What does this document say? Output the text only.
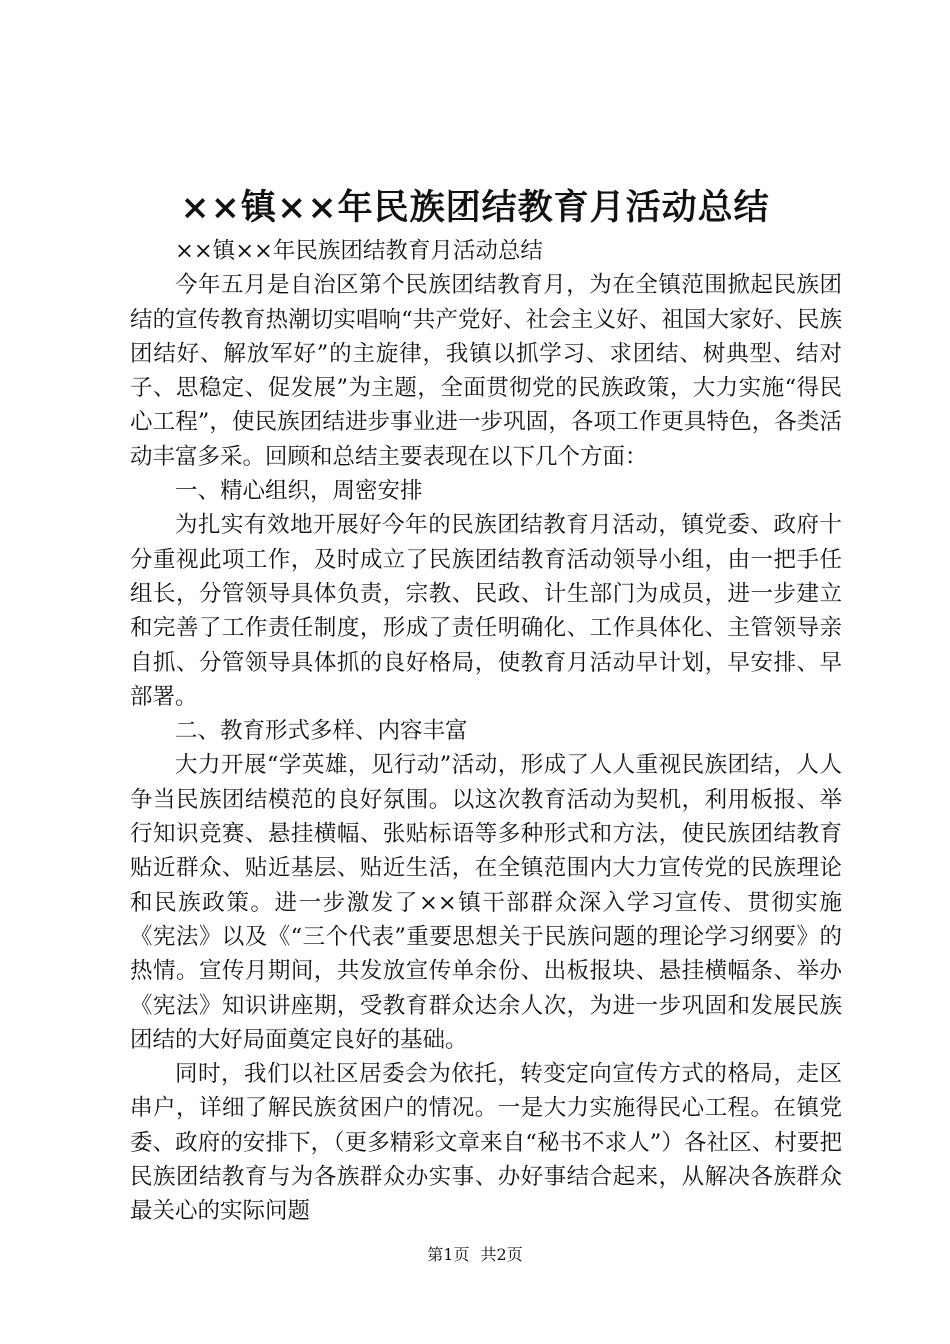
××镇××年民族团结教育月活动总结

××镇××年民族团结教育月活动总结

今年五月是自治区第个民族团结教育月，为在全镇范围掀起民族团结的宣传教育热潮切实唱响“共产党好、社会主义好、祖国大家好、民族团结好、解放军好”的主旋律，我镇以抓学习、求团结、树典型、结对子、思稳定、促发展”为主题，全面贯彻党的民族政策，大力实施“得民心工程”，使民族团结进步事业进一步巩固，各项工作更具特色，各类活动丰富多采。回顾和总结主要表现在以下几个方面：

一、精心组织，周密安排

为扎实有效地开展好今年的民族团结教育月活动，镇党委、政府十分重视此项工作，及时成立了民族团结教育活动领导小组，由一把手任组长，分管领导具体负责，宗教、民政、计生部门为成员，进一步建立和完善了工作责任制度，形成了责任明确化、工作具体化、主管领导亲自抓、分管领导具体抓的良好格局，使教育月活动早计划，早安排、早部署。

二、教育形式多样、内容丰富

大力开展“学英雄，见行动”活动，形成了人人重视民族团结，人人争当民族团结模范的良好氛围。以这次教育活动为契机，利用板报、举行知识竞赛、悬挂横幅、张贴标语等多种形式和方法，使民族团结教育贴近群众、贴近基层、贴近生活，在全镇范围内大力宣传党的民族理论和民族政策。进一步激发了××镇干部群众深入学习宣传、贯彻实施《宪法》以及《“三个代表”重要思想关于民族问题的理论学习纲要》的热情。宣传月期间，共发放宣传单余份、出板报块、悬挂横幅条、举办《宪法》知识讲座期，受教育群众达余人次，为进一步巩固和发展民族团结的大好局面奠定良好的基础。

同时，我们以社区居委会为依托，转变定向宣传方式的格局，走区串户，详细了解民族贫困户的情况。一是大力实施得民心工程。在镇党委、政府的安排下，（更多精彩文章来自“秘书不求人”）各社区、村要把民族团结教育与为各族群众办实事、办好事结合起来，从解决各族群众最关心的实际问题

第1页 共2页
